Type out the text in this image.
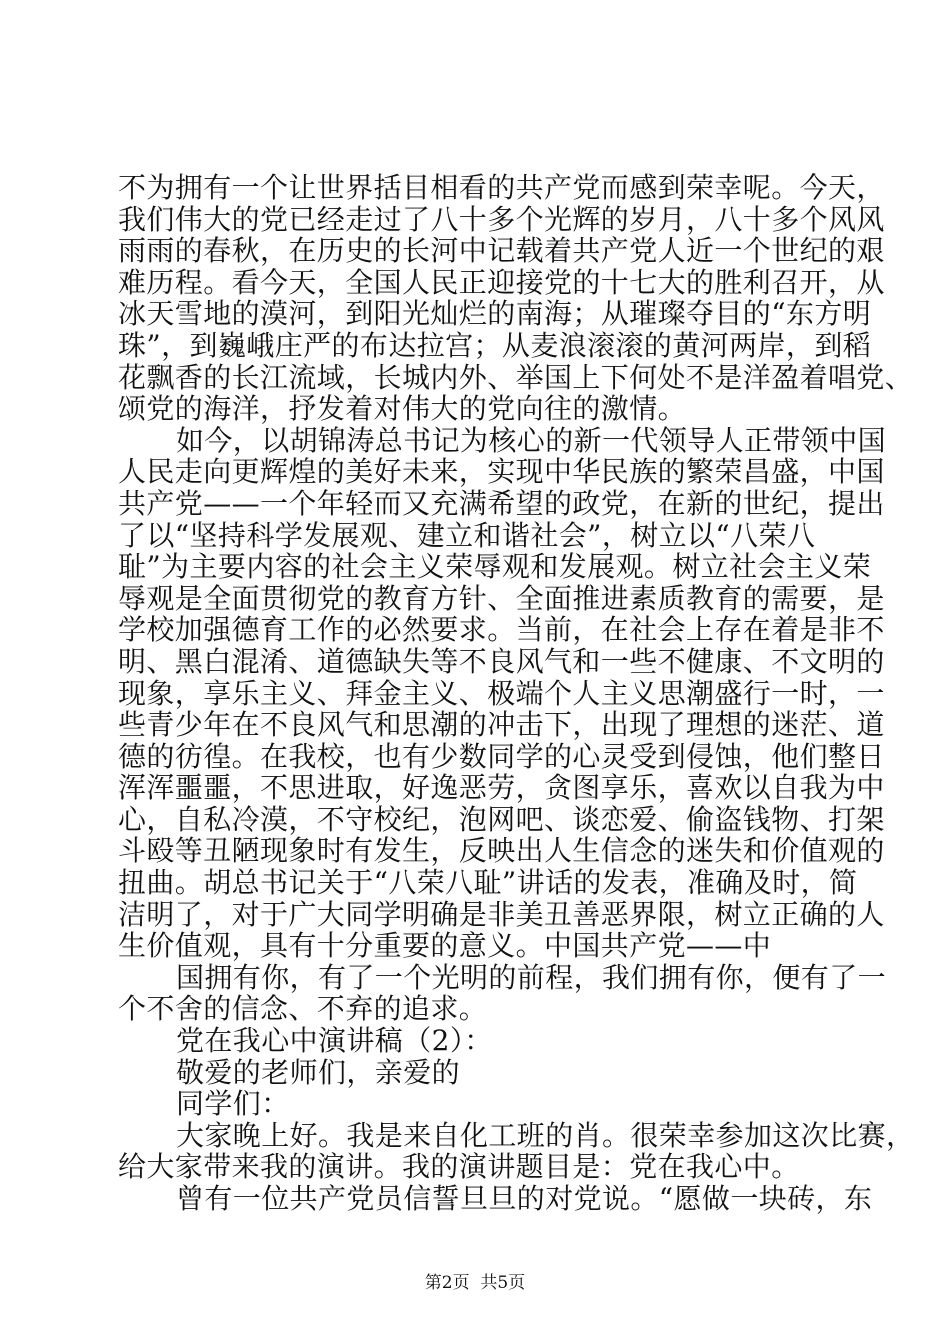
不为拥有一个让世界括目相看的共产党而感到荣幸呢。今天，
我们伟大的党已经走过了八十多个光辉的岁月，八十多个风风
雨雨的春秋，在历史的长河中记载着共产党人近一个世纪的艰
难历程。看今天，全国人民正迎接党的十七大的胜利召开，从
冰天雪地的漠河，到阳光灿烂的南海；从璀璨夺目的“东方明
珠”，到巍峨庄严的布达拉宫；从麦浪滚滚的黄河两岸，到稻
花飘香的长江流域，长城内外、举国上下何处不是洋盈着唱党、
颂党的海洋，抒发着对伟大的党向往的激情。
如今，以胡锦涛总书记为核心的新一代领导人正带领中国
人民走向更辉煌的美好未来，实现中华民族的繁荣昌盛，中国
共产党——一个年轻而又充满希望的政党，在新的世纪，提出
了以“坚持科学发展观、建立和谐社会”，树立以“八荣八
耻”为主要内容的社会主义荣辱观和发展观。树立社会主义荣
辱观是全面贯彻党的教育方针、全面推进素质教育的需要，是
学校加强德育工作的必然要求。当前，在社会上存在着是非不
明、黑白混淆、道德缺失等不良风气和一些不健康、不文明的
现象，享乐主义、拜金主义、极端个人主义思潮盛行一时，一
些青少年在不良风气和思潮的冲击下，出现了理想的迷茫、道
德的彷徨。在我校，也有少数同学的心灵受到侵蚀，他们整日
浑浑噩噩，不思进取，好逸恶劳，贪图享乐，喜欢以自我为中
心，自私冷漠，不守校纪，泡网吧、谈恋爱、偷盗钱物、打架
斗殴等丑陋现象时有发生，反映出人生信念的迷失和价值观的
扭曲。胡总书记关于“八荣八耻”讲话的发表，准确及时，简
洁明了，对于广大同学明确是非美丑善恶界限，树立正确的人
生价值观，具有十分重要的意义。中国共产党——中
国拥有你，有了一个光明的前程，我们拥有你，便有了一
个不舍的信念、不弃的追求。
党在我心中演讲稿（2）：
敬爱的老师们，亲爱的
同学们：
大家晚上好。我是来自化工班的肖。很荣幸参加这次比赛，
给大家带来我的演讲。我的演讲题目是：党在我心中。
曾有一位共产党员信誓旦旦的对党说。“愿做一块砖，东
第2页  共5页
